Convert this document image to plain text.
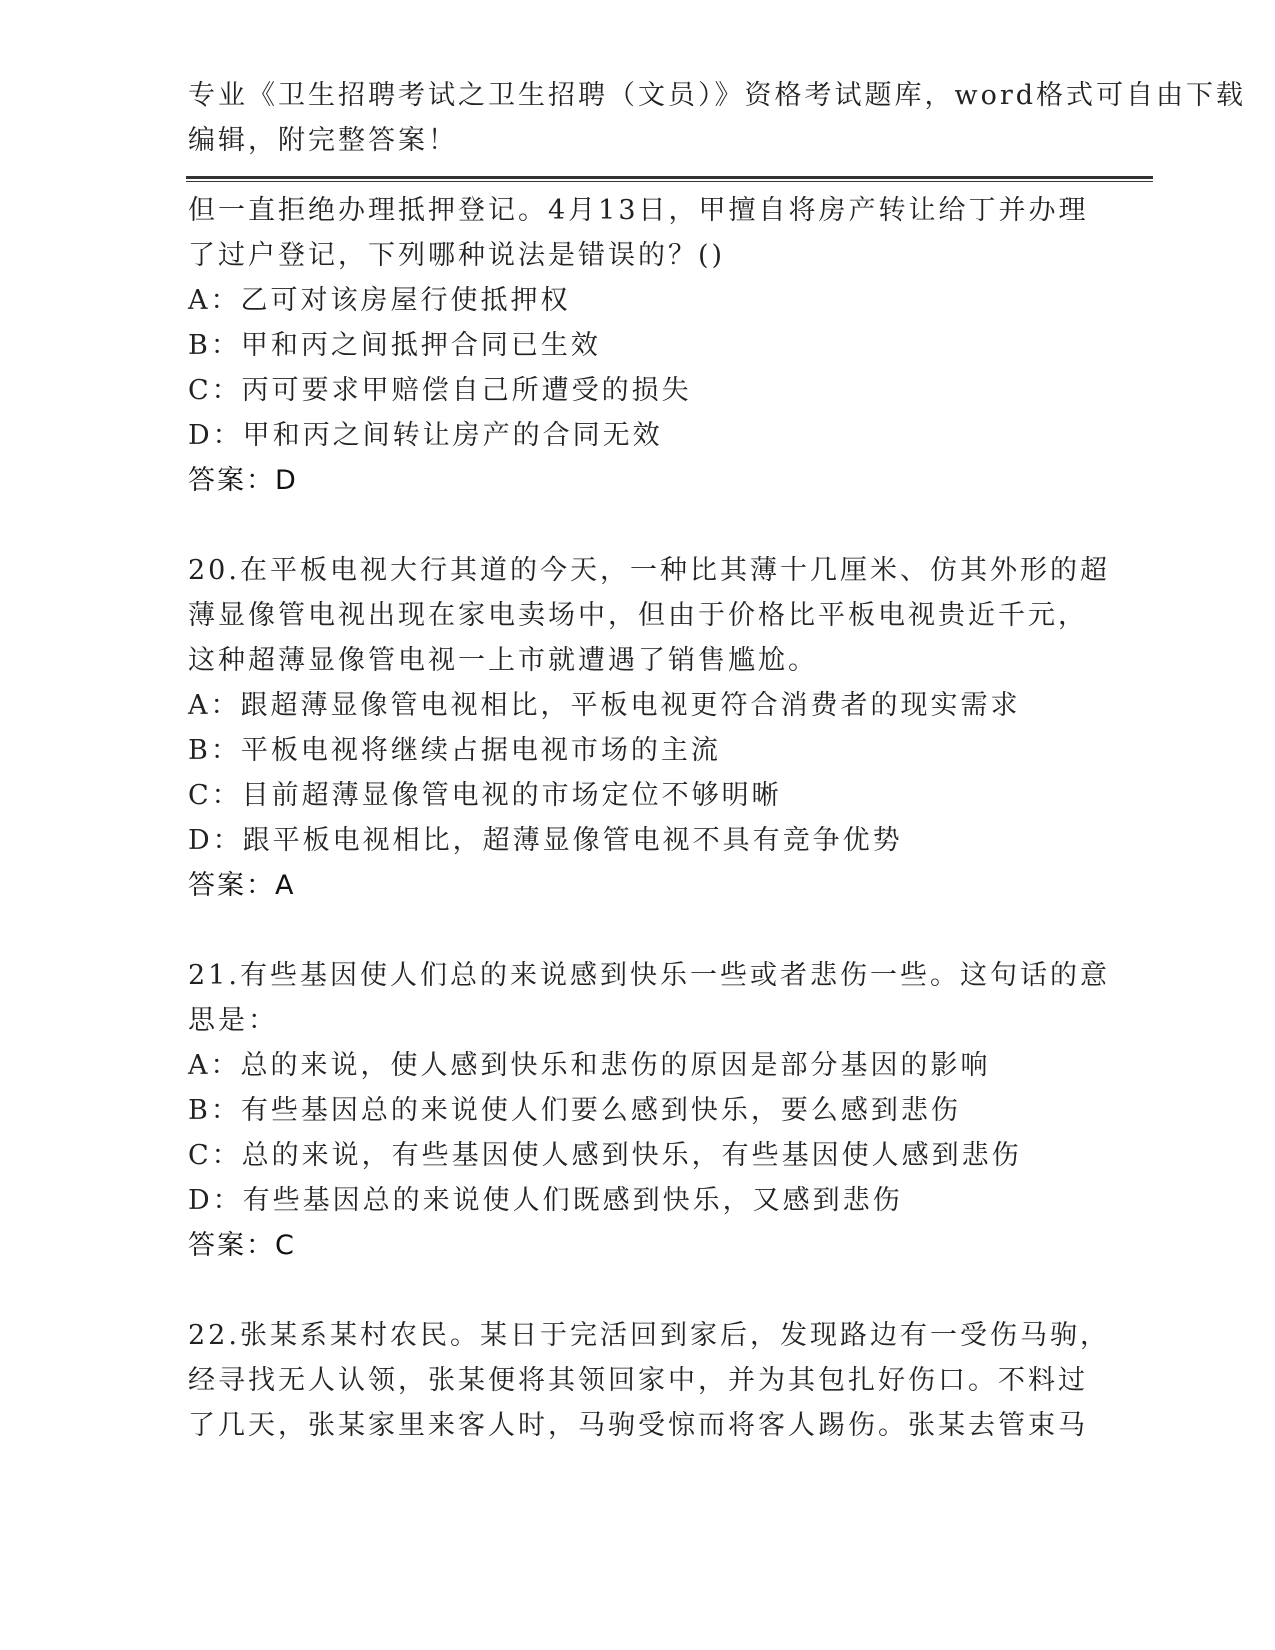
专业《卫生招聘考试之卫生招聘（文员）》资格考试题库，word格式可自由下载
编辑，附完整答案！
但一直拒绝办理抵押登记。4月13日，甲擅自将房产转让给丁并办理
了过户登记，下列哪种说法是错误的？()
A：乙可对该房屋行使抵押权
B：甲和丙之间抵押合同已生效
C：丙可要求甲赔偿自己所遭受的损失
D：甲和丙之间转让房产的合同无效
答案：D
20.在平板电视大行其道的今天，一种比其薄十几厘米、仿其外形的超
薄显像管电视出现在家电卖场中，但由于价格比平板电视贵近千元，
这种超薄显像管电视一上市就遭遇了销售尴尬。
A：跟超薄显像管电视相比，平板电视更符合消费者的现实需求
B：平板电视将继续占据电视市场的主流
C：目前超薄显像管电视的市场定位不够明晰
D：跟平板电视相比，超薄显像管电视不具有竞争优势
答案：A
21.有些基因使人们总的来说感到快乐一些或者悲伤一些。这句话的意
思是：
A：总的来说，使人感到快乐和悲伤的原因是部分基因的影响
B：有些基因总的来说使人们要么感到快乐，要么感到悲伤
C：总的来说，有些基因使人感到快乐，有些基因使人感到悲伤
D：有些基因总的来说使人们既感到快乐，又感到悲伤
答案：C
22.张某系某村农民。某日于完活回到家后，发现路边有一受伤马驹，
经寻找无人认领，张某便将其领回家中，并为其包扎好伤口。不料过
了几天，张某家里来客人时，马驹受惊而将客人踢伤。张某去管束马
